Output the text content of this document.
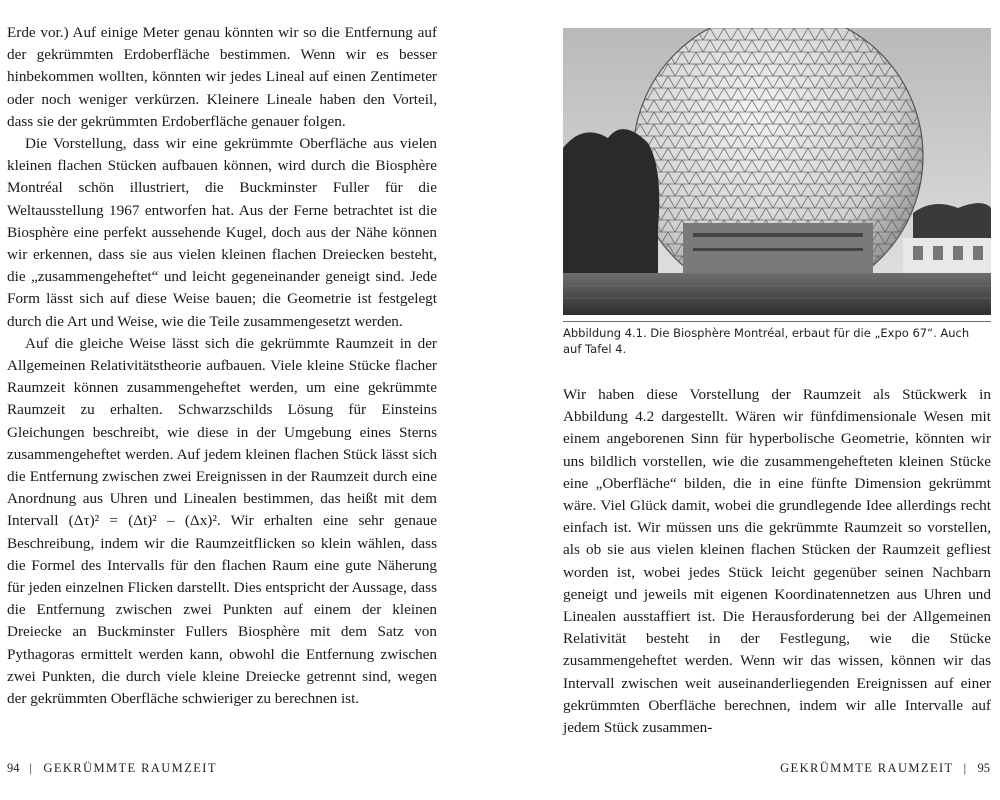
Erde vor.) Auf einige Meter genau könnten wir so die Entfernung auf der gekrümmten Erdoberfläche bestimmen. Wenn wir es besser hinbekommen wollten, könnten wir jedes Lineal auf einen Zentimeter oder noch weniger verkürzen. Kleinere Lineale haben den Vorteil, dass sie der gekrümmten Erdoberfläche genauer folgen.

Die Vorstellung, dass wir eine gekrümmte Oberfläche aus vielen kleinen flachen Stücken aufbauen können, wird durch die Biosphère Montréal schön illustriert, die Buckminster Fuller für die Weltausstellung 1967 entworfen hat. Aus der Ferne betrachtet ist die Biosphère eine perfekt aussehende Kugel, doch aus der Nähe können wir erkennen, dass sie aus vielen kleinen flachen Dreiecken besteht, die „zusammengeheftet“ und leicht gegeneinander geneigt sind. Jede Form lässt sich auf diese Weise bauen; die Geometrie ist festgelegt durch die Art und Weise, wie die Teile zusammengesetzt werden.

Auf die gleiche Weise lässt sich die gekrümmte Raumzeit in der Allgemeinen Relativitätstheorie aufbauen. Viele kleine Stücke flacher Raumzeit können zusammengeheftet werden, um eine gekrümmte Raumzeit zu erhalten. Schwarzschilds Lösung für Einsteins Gleichungen beschreibt, wie diese in der Umgebung eines Sterns zusammengeheftet werden. Auf jedem kleinen flachen Stück lässt sich die Entfernung zwischen zwei Ereignissen in der Raumzeit durch eine Anordnung aus Uhren und Linealen bestimmen, das heißt mit dem Intervall (Δτ)² = (Δt)² – (Δx)². Wir erhalten eine sehr genaue Beschreibung, indem wir die Raumzeitflicken so klein wählen, dass die Formel des Intervalls für den flachen Raum eine gute Näherung für jeden einzelnen Flicken darstellt. Dies entspricht der Aussage, dass die Entfernung zwischen zwei Punkten auf einem der kleinen Dreiecke an Buckminster Fullers Biosphère mit dem Satz von Pythagoras ermittelt werden kann, obwohl die Entfernung zwischen zwei Punkten, die durch viele kleine Dreiecke getrennt sind, wegen der gekrümmten Oberfläche schwieriger zu berechnen ist.

94 | GEKRÜMMTE RAUMZEIT
Abbildung 4.1. Die Biosphère Montréal, erbaut für die „Expo 67“. Auch auf Tafel 4.

Wir haben diese Vorstellung der Raumzeit als Stückwerk in Abbildung 4.2 dargestellt. Wären wir fünfdimensionale Wesen mit einem angeborenen Sinn für hyperbolische Geometrie, könnten wir uns bildlich vorstellen, wie die zusammengehefteten kleinen Stücke eine „Oberfläche“ bilden, die in eine fünfte Dimension gekrümmt wäre. Viel Glück damit, wobei die grundlegende Idee allerdings recht einfach ist. Wir müssen uns die gekrümmte Raumzeit so vorstellen, als ob sie aus vielen kleinen flachen Stücken der Raumzeit gefliest worden ist, wobei jedes Stück leicht gegenüber seinen Nachbarn geneigt und jeweils mit eigenen Koordinatennetzen aus Uhren und Linealen ausstaffiert ist. Die Herausforderung bei der Allgemeinen Relativität besteht in der Festlegung, wie die Stücke zusammengeheftet werden. Wenn wir das wissen, können wir das Intervall zwischen weit auseinanderliegenden Ereignissen auf einer gekrümmten Oberfläche berechnen, indem wir alle Intervalle auf jedem Stück zusammen-

GEKRÜMMTE RAUMZEIT | 95
